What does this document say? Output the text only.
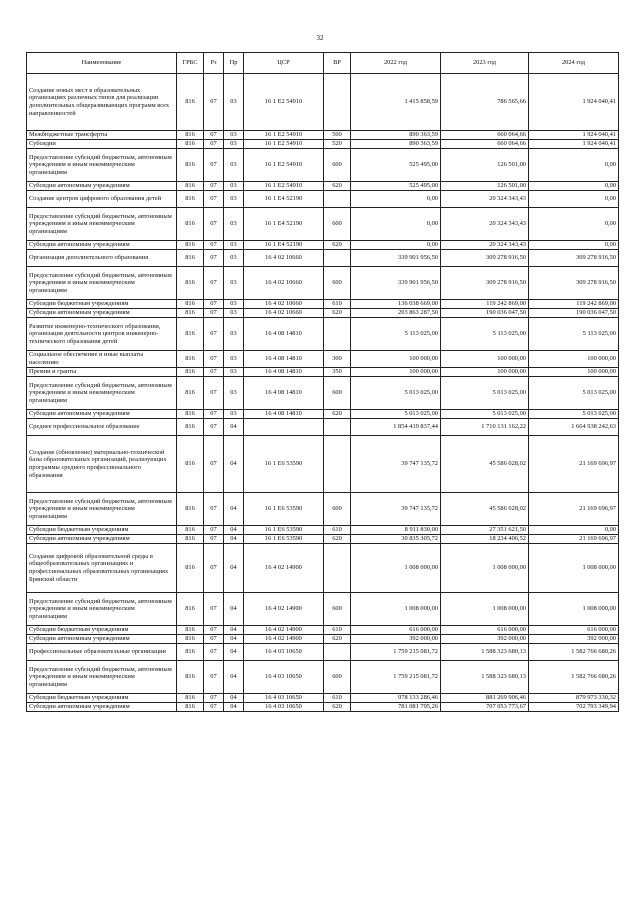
32
Наименование	ГРБС	Рз	Пр	ЦСР	ВР	2022 год	2023 год	2024 год
Создание новых мест в образовательных организациях различных типов для реализации дополнительных общеразвивающих программ всех направленностей	816	07	03	16 1 E2 54910		1 415 858,59	786 565,66	1 924 040,41
Межбюджетные трансферты	816	07	03	16 1 E2 54910	500	890 363,59	660 064,66	1 924 040,41
Субсидии	816	07	03	16 1 E2 54910	520	890 363,59	660 064,66	1 924 040,41
Предоставление субсидий бюджетным, автономным учреждениям и иным некоммерческим организациям	816	07	03	16 1 E2 54910	600	525 495,00	126 501,00	0,00
Субсидии автономным учреждениям	816	07	03	16 1 E2 54910	620	525 495,00	126 501,00	0,00
Создание центров цифрового образования детей	816	07	03	16 1 E4 52190		0,00	20 324 343,43	0,00
Предоставление субсидий бюджетным, автономным учреждениям и иным некоммерческим организациям	816	07	03	16 1 E4 52190	600	0,00	20 324 343,43	0,00
Субсидии автономным учреждениям	816	07	03	16 1 E4 52190	620	0,00	20 324 343,43	0,00
Организация дополнительного образования	816	07	03	16 4 02 10660		339 901 956,50	309 278 916,50	309 278 916,50
Предоставление субсидий бюджетным, автономным учреждениям и иным некоммерческим организациям	816	07	03	16 4 02 10660	600	339 901 956,50	309 278 916,50	309 278 916,50
Субсидии бюджетным учреждениям	816	07	03	16 4 02 10660	610	136 038 669,00	119 242 869,00	119 242 869,00
Субсидии автономным учреждениям	816	07	03	16 4 02 10660	620	203 863 287,50	190 036 047,50	190 036 047,50
Развитие инженерно-технического образования, организация деятельности центров инженерно-технического образования детей	816	07	03	16 4 08 14810		5 113 025,00	5 113 025,00	5 113 025,00
Социальное обеспечение и иные выплаты населению	816	07	03	16 4 08 14810	300	100 000,00	100 000,00	100 000,00
Премии и гранты	816	07	03	16 4 08 14810	350	100 000,00	100 000,00	100 000,00
Предоставление субсидий бюджетным, автономным учреждениям и иным некоммерческим организациям	816	07	03	16 4 08 14810	600	5 013 025,00	5 013 025,00	5 013 025,00
Субсидии автономным учреждениям	816	07	03	16 4 08 14810	620	5 013 025,00	5 013 025,00	5 013 025,00
Среднее профессиональное образование	816	07	04			1 854 419 837,44	1 710 131 162,22	1 664 938 242,63
Создание (обновление) материально-технической базы образовательных организаций, реализующих программы среднего профессионального образования	816	07	04	16 1 E6 53590		39 747 135,72	45 586 028,02	21 169 696,97
Предоставление субсидий бюджетным, автономным учреждениям и иным некоммерческим организациям	816	07	04	16 1 E6 53590	600	39 747 135,72	45 586 028,02	21 169 696,97
Субсидии бюджетным учреждениям	816	07	04	16 1 E6 53590	610	8 911 830,00	27 351 621,50	0,00
Субсидии автономным учреждениям	816	07	04	16 1 E6 53590	620	30 835 305,72	18 234 406,52	21 169 696,97
Создание цифровой образовательной среды в общеобразовательных организациях и профессиональных образовательных организациях Брянской области	816	07	04	16 4 02 14900		1 008 000,00	1 008 000,00	1 008 000,00
Предоставление субсидий бюджетным, автономным учреждениям и иным некоммерческим организациям	816	07	04	16 4 02 14900	600	1 008 000,00	1 008 000,00	1 008 000,00
Субсидии бюджетным учреждениям	816	07	04	16 4 02 14900	610	616 000,00	616 000,00	616 000,00
Субсидии автономным учреждениям	816	07	04	16 4 02 14900	620	392 000,00	392 000,00	392 000,00
Профессиональные образовательные организации	816	07	04	16 4 03 10650		1 759 215 081,72	1 588 323 680,13	1 582 766 680,26
Предоставление субсидий бюджетным, автономным учреждениям и иным некоммерческим организациям	816	07	04	16 4 03 10650	600	1 759 215 081,72	1 588 323 680,13	1 582 766 680,26
Субсидии бюджетным учреждениям	816	07	04	16 4 03 10650	610	978 133 286,46	881 269 906,46	879 973 330,32
Субсидии автономным учреждениям	816	07	04	16 4 03 10650	620	781 081 795,26	707 053 773,67	702 793 349,94
